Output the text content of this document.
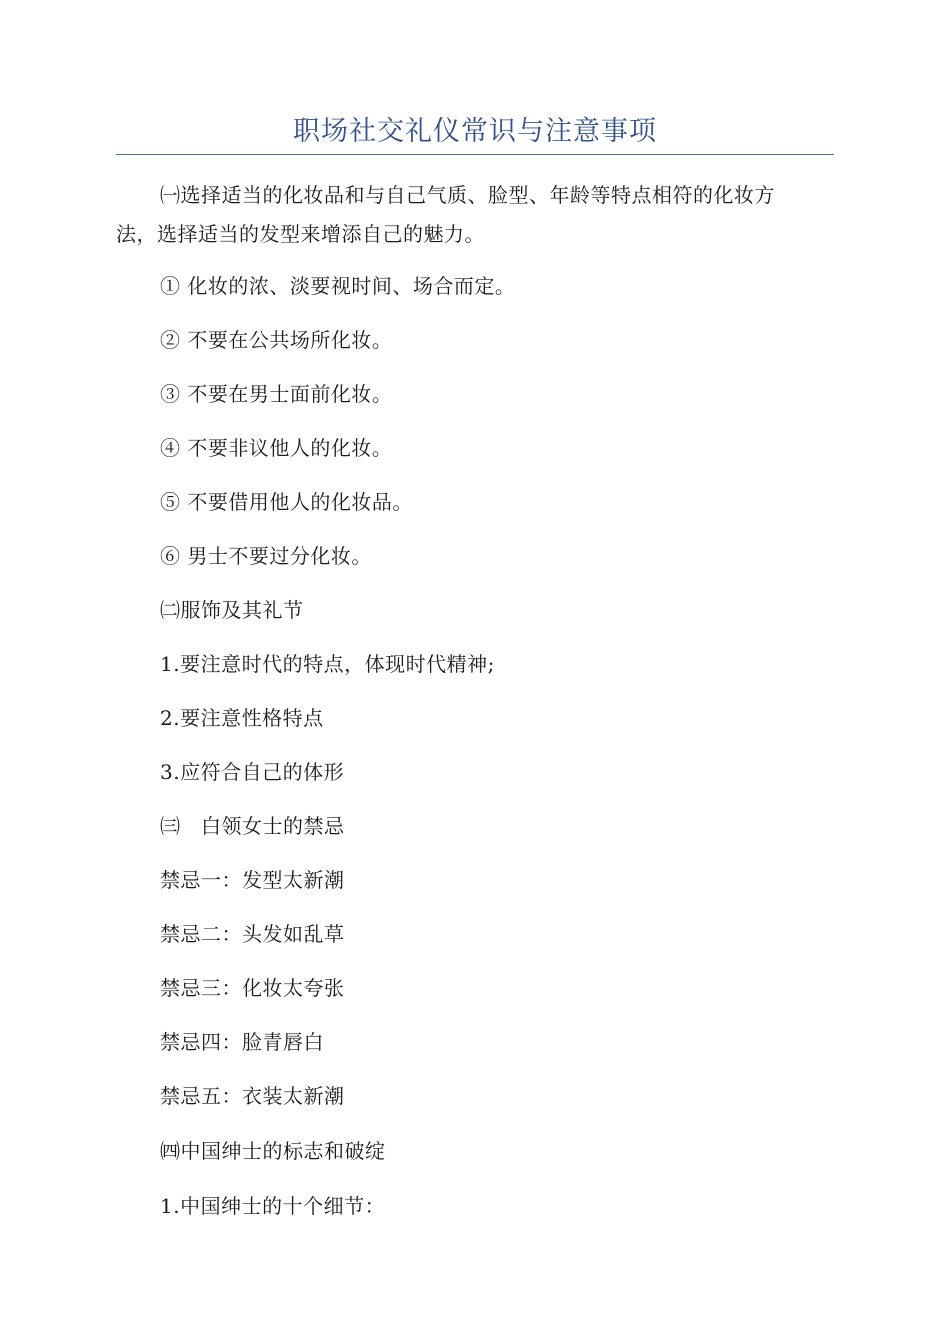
职场社交礼仪常识与注意事项
㈠选择适当的化妆品和与自己气质、脸型、年龄等特点相符的化妆方
法，选择适当的发型来增添自己的魅力。
① 化妆的浓、淡要视时间、场合而定。
② 不要在公共场所化妆。
③ 不要在男士面前化妆。
④ 不要非议他人的化妆。
⑤ 不要借用他人的化妆品。
⑥ 男士不要过分化妆。
㈡服饰及其礼节
1.要注意时代的特点，体现时代精神;
2.要注意性格特点
3.应符合自己的体形
㈢　白领女士的禁忌
禁忌一：发型太新潮
禁忌二：头发如乱草
禁忌三：化妆太夸张
禁忌四：脸青唇白
禁忌五：衣装太新潮
㈣中国绅士的标志和破绽
1.中国绅士的十个细节：
